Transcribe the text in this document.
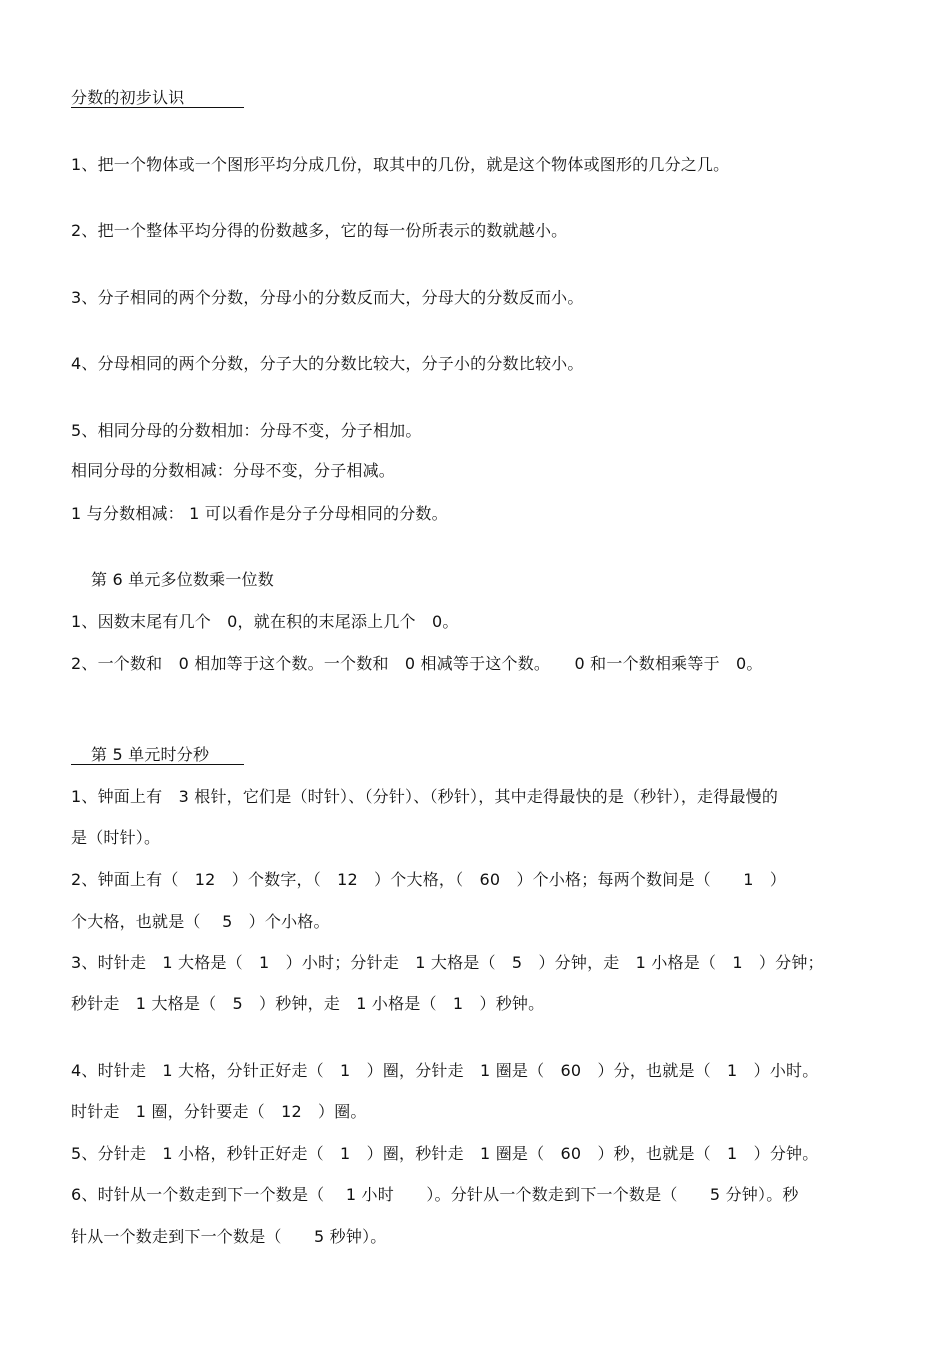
分数的初步认识
1、把一个物体或一个图形平均分成几份，取其中的几份，就是这个物体或图形的几分之几。
2、把一个整体平均分得的份数越多，它的每一份所表示的数就越小。
3、分子相同的两个分数，分母小的分数反而大，分母大的分数反而小。
4、分母相同的两个分数，分子大的分数比较大，分子小的分数比较小。
5、相同分母的分数相加：分母不变，分子相加。
相同分母的分数相减：分母不变，分子相减。
1 与分数相减： 1 可以看作是分子分母相同的分数。
第 6 单元多位数乘一位数
1、因数末尾有几个　0，就在积的末尾添上几个　0。
2、一个数和　0 相加等于这个数。一个数和　0 相减等于这个数。　　0 和一个数相乘等于　0。
第 5 单元时分秒
1、钟面上有　3 根针，它们是（时针）、（分针）、（秒针），其中走得最快的是（秒针），走得最慢的
是（时针）。
2、钟面上有（　12　）个数字，（　12　）个大格，（　60　）个小格；每两个数间是（　　1　）
个大格，也就是（　 5　）个小格。
3、时针走　1 大格是（　1　）小时；分针走　1 大格是（　5　）分钟，走　1 小格是（　1　）分钟；
秒针走　1 大格是（　5　）秒钟，走　1 小格是（　1　）秒钟。
4、时针走　1 大格，分针正好走（　1　）圈，分针走　1 圈是（　60　）分，也就是（　1　）小时。
时针走　1 圈，分针要走（　12　）圈。
5、分针走　1 小格，秒针正好走（　1　）圈，秒针走　1 圈是（　60　）秒，也就是（　1　）分钟。
6、时针从一个数走到下一个数是（　 1 小时　　）。分针从一个数走到下一个数是（　　5 分钟）。秒
针从一个数走到下一个数是（　　5 秒钟）。
